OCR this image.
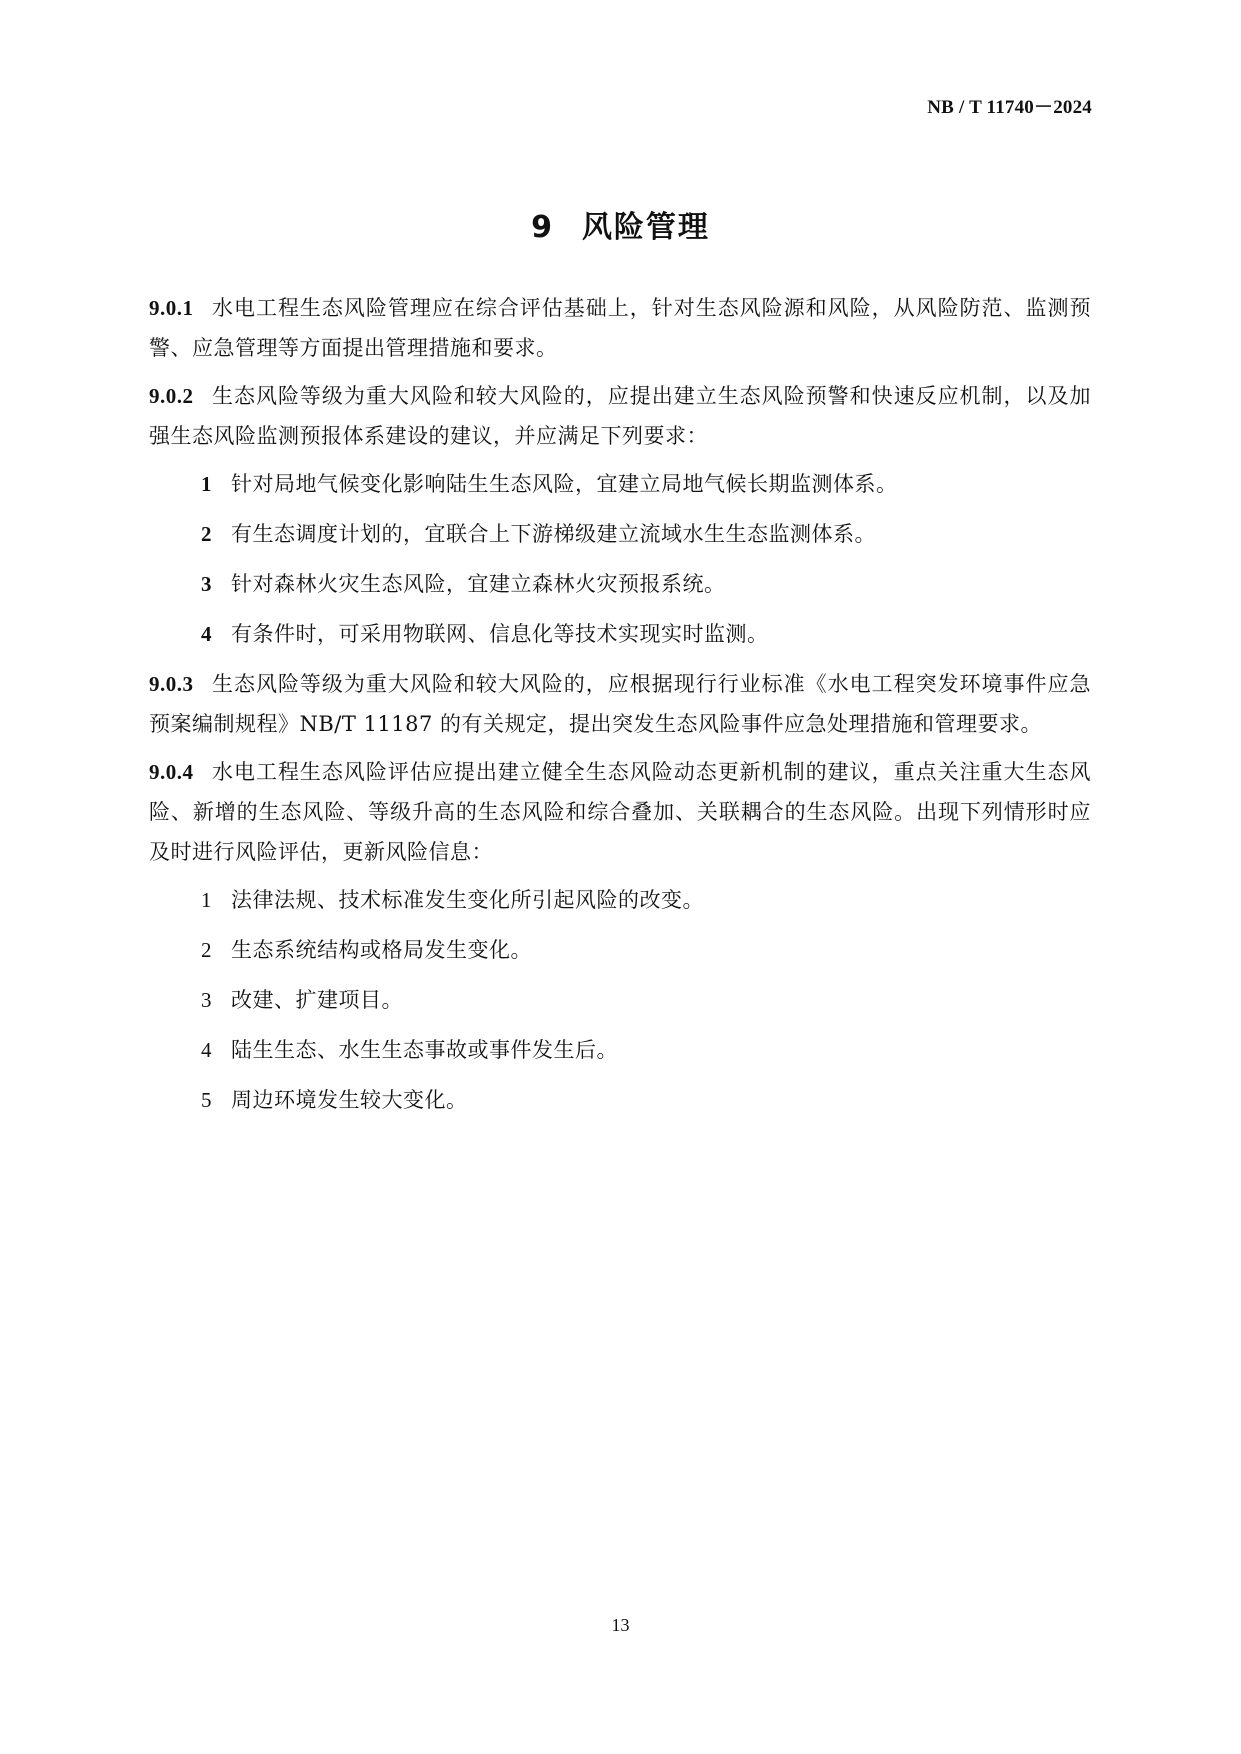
NB / T 11740－2024
9 风险管理

9.0.1 水电工程生态风险管理应在综合评估基础上，针对生态风险源和风险，从风险防范、监测预警、应急管理等方面提出管理措施和要求。

9.0.2 生态风险等级为重大风险和较大风险的，应提出建立生态风险预警和快速反应机制，以及加强生态风险监测预报体系建设的建议，并应满足下列要求：

1 针对局地气候变化影响陆生生态风险，宜建立局地气候长期监测体系。
2 有生态调度计划的，宜联合上下游梯级建立流域水生生态监测体系。
3 针对森林火灾生态风险，宜建立森林火灾预报系统。
4 有条件时，可采用物联网、信息化等技术实现实时监测。

9.0.3 生态风险等级为重大风险和较大风险的，应根据现行行业标准《水电工程突发环境事件应急预案编制规程》NB/T 11187 的有关规定，提出突发生态风险事件应急处理措施和管理要求。

9.0.4 水电工程生态风险评估应提出建立健全生态风险动态更新机制的建议，重点关注重大生态风险、新增的生态风险、等级升高的生态风险和综合叠加、关联耦合的生态风险。出现下列情形时应及时进行风险评估，更新风险信息：

1 法律法规、技术标准发生变化所引起风险的改变。
2 生态系统结构或格局发生变化。
3 改建、扩建项目。
4 陆生生态、水生生态事故或事件发生后。
5 周边环境发生较大变化。
13
